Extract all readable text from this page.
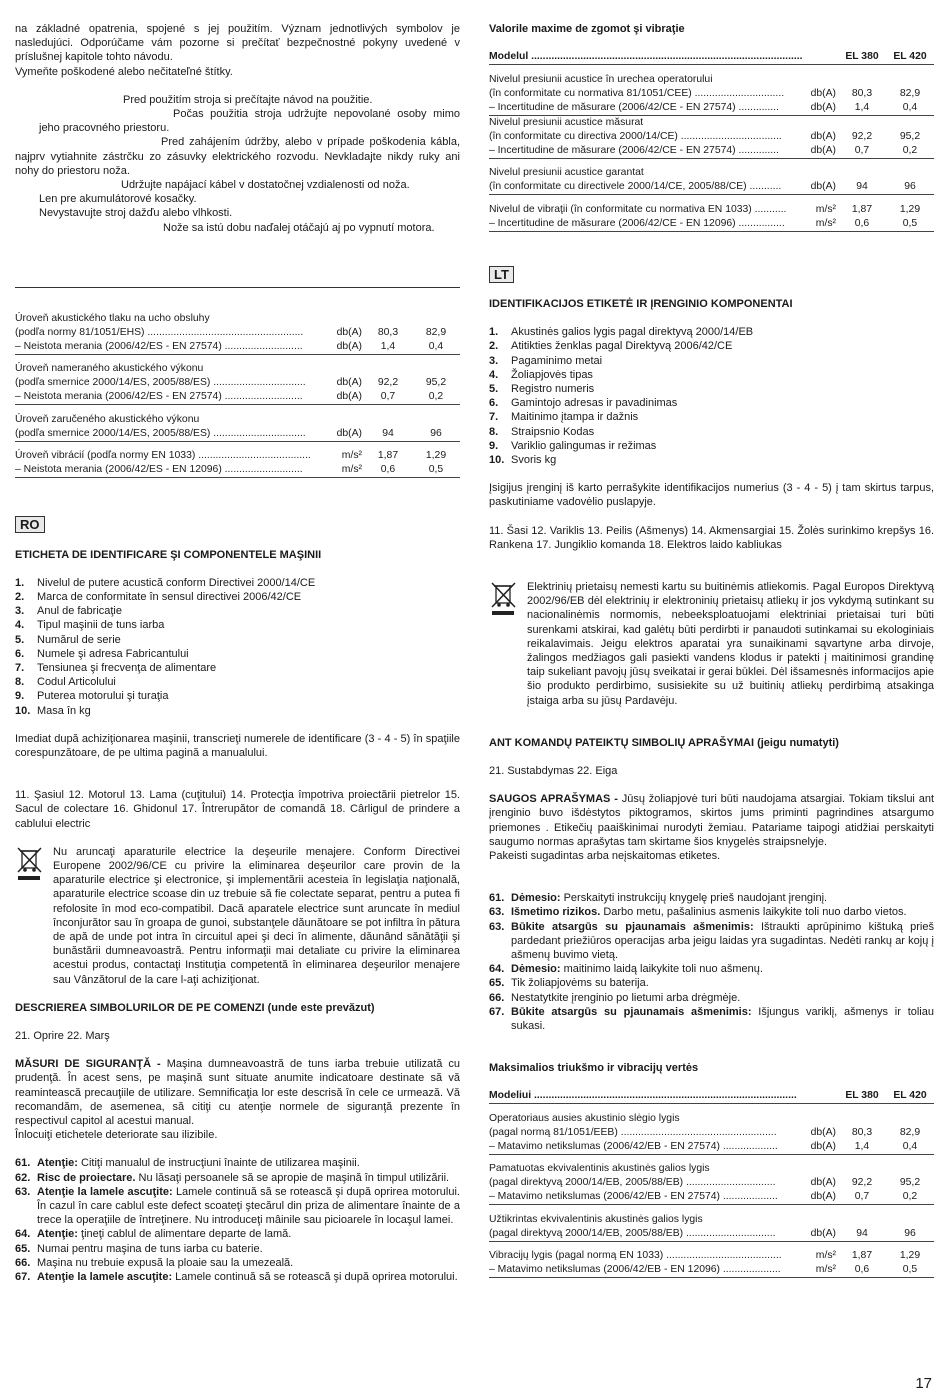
na základné opatrenia, spojené s jej použitím. Význam jednotlivých symbolov je nasledujúci. Odporúčame vám pozorne si prečítať bezpečnostné pokyny uvedené v príslušnej kapitole tohto návodu.

Vymeňte poškodené alebo nečitateľné štítky.

Pred použitím stroja si prečítajte návod na použitie.

Počas použitia stroja udržujte nepovolané osoby mimo jeho pracovného priestoru.

Pred zahájením údržby, alebo v prípade poškodenia kábla, najprv vytiahnite zástrčku zo zásuvky elektrického rozvodu. Nevkladajte nikdy ruky ani nohy do priestoru noža.

Udržujte napájací kábel v dostatočnej vzdialenosti od noža.

Len pre akumulátorové kosačky.

Nevystavujte stroj dažďu alebo vlhkosti.

Nože sa istú dobu naďalej otáčajú aj po vypnutí motora.

Úroveň akustického tlaku na ucho obsluhy			
(podľa normy 81/1051/EHS) ......................................................	db(A)	80,3	82,9
– Neistota merania (2006/42/ES - EN 27574) ...........................	db(A)	1,4	0,4

Úroveň nameraného akustického výkonu			
(podľa smernice 2000/14/ES, 2005/88/ES) ................................	db(A)	92,2	95,2
– Neistota merania (2006/42/ES - EN 27574) ...........................	db(A)	0,7	0,2

Úroveň zaručeného akustického výkonu			
(podľa smernice 2000/14/ES, 2005/88/ES) ................................	db(A)	94	96

Úroveň vibrácií (podľa normy EN 1033) .......................................	m/s²	1,87	1,29
– Neistota merania (2006/42/ES - EN 12096) ...........................	m/s²	0,6	0,5
RO

ETICHETA DE IDENTIFICARE ŞI COMPONENTELE MAŞINII

1.	Nivelul de putere acustică conform Directivei 2000/14/CE
2.	Marca de conformitate în sensul directivei 2006/42/CE
3.	Anul de fabricaţie
4.	Tipul maşinii de tuns iarba
5.	Numărul de serie
6.	Numele şi adresa Fabricantului
7.	Tensiunea şi frecvenţa de alimentare
8.	Codul Articolului
9.	Puterea motorului şi turaţia
10. Masa în kg

Imediat după achiziţionarea maşinii, transcrieţi numerele de identificare (3 - 4 - 5) în spaţiile corespunzătoare, de pe ultima pagină a manualului.

11. Şasiul 12. Motorul 13. Lama (cuţitului) 14. Protecţia împotriva proiectării pietrelor 15. Sacul de colectare 16. Ghidonul 17. Întrerupător de comandă 18. Cârligul de prindere a cablului electric

Nu aruncaţi aparaturile electrice la deşeurile menajere. Conform Directivei Europene 2002/96/CE cu privire la eliminarea deşeurilor care provin de la aparaturile electrice şi electronice, şi implementării acesteia în legislaţia naţională, aparaturile electrice scoase din uz trebuie să fie colectate separat, pentru a putea fi refolosite în mod eco-compatibil. Dacă aparatele electrice sunt aruncate în mediul înconjurător sau în groapa de gunoi, substanţele dăunătoare se pot infiltra în pătura de apă de unde pot intra în circuitul apei şi deci în alimente, dăunând sănătăţii şi bunăstării dumneavoastră. Pentru informaţii mai detaliate cu privire la eliminarea acestui produs, contactaţi Instituţia competentă în eliminarea deşeurilor menajere sau Vânzătorul de la care l-aţi achiziţionat.

DESCRIEREA SIMBOLURILOR DE PE COMENZI (unde este prevăzut)

21. Oprire 22. Marş

MĂSURI DE SIGURANŢĂ - Maşina dumneavoastră de tuns iarba trebuie utilizată cu prudenţă. În acest sens, pe maşină sunt situate anumite indicatoare destinate să vă reamintească precauţiile de utilizare. Semnificaţia lor este descrisă în cele ce urmează. Vă recomandăm, de asemenea, să citiţi cu atenţie normele de siguranţă prezente în respectivul capitol al acestui manual.

Înlocuiţi etichetele deteriorate sau ilizibile.

61. Atenţie: Citiţi manualul de instrucţiuni înainte de utilizarea maşinii.
62. Risc de proiectare. Nu lăsaţi persoanele să se apropie de maşină în timpul utilizării.
63. Atenţie la lamele ascuţite: Lamele continuă să se rotească şi după oprirea motorului. În cazul în care cablul este defect scoateţi ştecărul din priza de alimentare înainte de a trece la operaţiile de întreţinere. Nu introduceţi mâinile sau picioarele în locaşul lamei.
64. Atenţie: ţineţi cablul de alimentare departe de lamă.
65. Numai pentru maşina de tuns iarba cu baterie.
66. Maşina nu trebuie expusă la ploaie sau la umezeală.
67. Atenţie la lamele ascuţite: Lamele continuă să se rotească şi după oprirea motorului.

Valorile maxime de zgomot şi vibraţie

Modelul ..............................................................................................		EL 380	EL 420

Nivelul presiunii acustice în urechea operatorului			
(în conformitate cu normativa 81/1051/CEE) ...............................	db(A)	80,3	82,9
– Incertitudine de măsurare (2006/42/CE - EN 27574) ..............	db(A)	1,4	0,4
Nivelul presiunii acustice măsurat			
(în conformitate cu directiva 2000/14/CE) ...................................	db(A)	92,2	95,2
– Incertitudine de măsurare (2006/42/CE - EN 27574) ..............	db(A)	0,7	0,2

Nivelul presiunii acustice garantat			
(în conformitate cu directivele 2000/14/CE, 2005/88/CE) ...........	db(A)	94	96

Nivelul de vibraţii (în conformitate cu normativa EN 1033) ...........	m/s²	1,87	1,29
– Incertitudine de măsurare (2006/42/CE - EN 12096) ................	m/s²	0,6	0,5
LT

IDENTIFIKACIJOS ETIKETĖ IR ĮRENGINIO KOMPONENTAI

1.	Akustinės galios lygis pagal direktyvą 2000/14/EB
2.	Atitikties ženklas pagal Direktyvą 2006/42/CE
3.	Pagaminimo metai
4.	Žoliapjovės tipas
5.	Registro numeris
6.	Gamintojo adresas ir pavadinimas
7.	Maitinimo įtampa ir dažnis
8.	Straipsnio Kodas
9.	Variklio galingumas ir režimas
10. Svoris kg

Įsigijus įrenginį iš karto perrašykite identifikacijos numerius (3 - 4 - 5) į tam skirtus tarpus, paskutiniame vadovėlio puslapyje.

11. Šasi 12. Variklis 13. Peilis (Ašmenys) 14. Akmensargiai 15. Žolės surinkimo krepšys 16. Rankena 17. Jungiklio komanda 18. Elektros laido kabliukas

Elektrinių prietaisų nemesti kartu su buitinėmis atliekomis. Pagal Europos Direktyvą 2002/96/EB dėl elektrinių ir elektroninių prietaisų atliekų ir jos vykdymą sutinkant su nacionalinėmis normomis, nebeeksploatuojami elektriniai prietaisai turi būti surenkami atskirai, kad galėtų būti perdirbti ir panaudoti sutinkamai su ekologiniais reikalavimais. Jeigu elektros aparatai yra sunaikinami sąvartyne arba dirvoje, žalingos medžiagos gali pasiekti vandens klodus ir patekti į maitinimosi grandinę taip sukeliant pavojų jūsų sveikatai ir gerai būklei. Dėl išsamesnės informacijos apie šio produkto perdirbimo, susisiekite su už buitinių atliekų perdirbimą atsakinga įstaiga arba su jūsų Pardavėju.

ANT KOMANDŲ PATEIKTŲ SIMBOLIŲ APRAŠYMAI (jeigu numatyti)

21. Sustabdymas 22. Eiga

SAUGOS APRAŠYMAS - Jūsų žoliapjovė turi būti naudojama atsargiai. Tokiam tikslui ant įrenginio buvo išdėstytos piktogramos, skirtos jums priminti pagrindines atsargumo priemones . Etikečių paaiškinimai nurodyti žemiau. Patariame taipogi atidžiai perskaityti saugumo normas aprašytas tam skirtame šios knygelės straipsnelyje.

Pakeisti sugadintas arba neįskaitomas etiketes.

61. Dėmesio: Perskaityti instrukcijų knygelę prieš naudojant įrenginį.
63. Išmetimo rizikos. Darbo metu, pašalinius asmenis laikykite toli nuo darbo vietos.
63. Būkite atsargūs su pjaunamais ašmenimis: Ištraukti aprūpinimo kištuką prieš pardedant priežiūros operacijas arba jeigu laidas yra sugadintas. Nedėti rankų ar kojų į ašmenų buvimo vietą.
64. Dėmesio: maitinimo laidą laikykite toli nuo ašmenų.
65. Tik žoliapjovėms su baterija.
66. Nestatytkite įrenginio po lietumi arba drėgmėje.
67. Būkite atsargūs su pjaunamais ašmenimis: Išjungus variklį, ašmenys ir toliau sukasi.

Maksimalios triukšmo ir vibracijų vertės

Modeliui ...........................................................................................		EL 380	EL 420

Operatoriaus ausies akustinio slėgio lygis			
(pagal normą 81/1051/EEB) ......................................................	db(A)	80,3	82,9
– Matavimo netikslumas (2006/42/EB - EN 27574) ...................	db(A)	1,4	0,4

Pamatuotas ekvivalentinis akustinės galios lygis			
(pagal direktyvą 2000/14/EB, 2005/88/EB) ...............................	db(A)	92,2	95,2
– Matavimo netikslumas (2006/42/EB - EN 27574) ...................	db(A)	0,7	0,2

Užtikrintas ekvivalentinis akustinės galios lygis			
(pagal direktyvą 2000/14/EB, 2005/88/EB) ...............................	db(A)	94	96

Vibracijų lygis (pagal normą EN 1033) ........................................	m/s²	1,87	1,29
– Matavimo netikslumas (2006/42/EB - EN 12096) ....................	m/s²	0,6	0,5
17
